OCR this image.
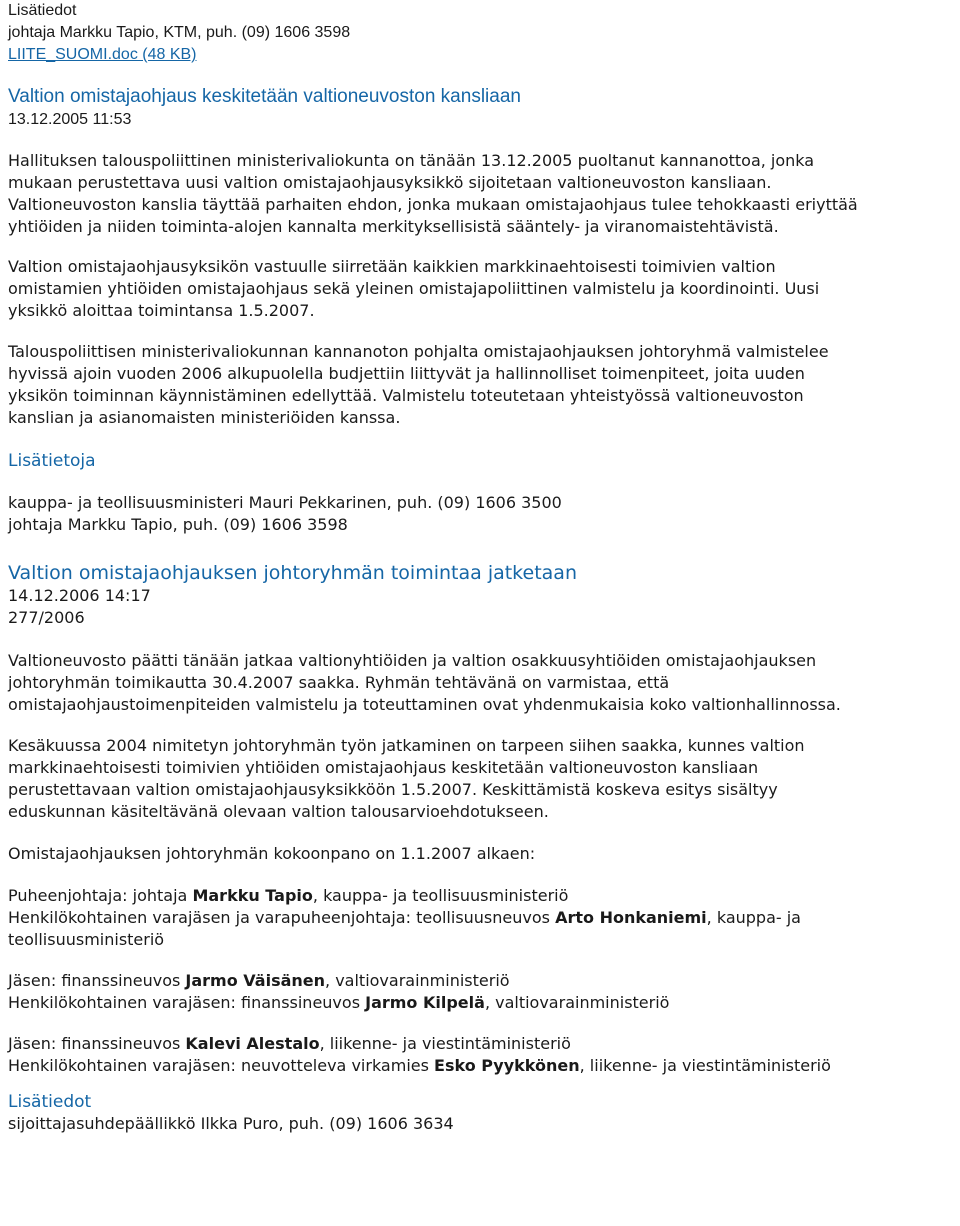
Lisätiedot
johtaja Markku Tapio, KTM, puh. (09) 1606 3598
LIITE_SUOMI.doc (48 KB)
Valtion omistajaohjaus keskitetään valtioneuvoston kansliaan
13.12.2005 11:53
Hallituksen talouspoliittinen ministerivaliokunta on tänään 13.12.2005 puoltanut kannanottoa, jonka
mukaan perustettava uusi valtion omistajaohjausyksikkö sijoitetaan valtioneuvoston kansliaan.
Valtioneuvoston kanslia täyttää parhaiten ehdon, jonka mukaan omistajaohjaus tulee tehokkaasti eriyttää
yhtiöiden ja niiden toiminta-alojen kannalta merkityksellisistä sääntely- ja viranomaistehtävistä.
Valtion omistajaohjausyksikön vastuulle siirretään kaikkien markkinaehtoisesti toimivien valtion
omistamien yhtiöiden omistajaohjaus sekä yleinen omistajapoliittinen valmistelu ja koordinointi. Uusi
yksikkö aloittaa toimintansa 1.5.2007.
Talouspoliittisen ministerivaliokunnan kannanoton pohjalta omistajaohjauksen johtoryhmä valmistelee
hyvissä ajoin vuoden 2006 alkupuolella budjettiin liittyvät ja hallinnolliset toimenpiteet, joita uuden
yksikön toiminnan käynnistäminen edellyttää. Valmistelu toteutetaan yhteistyössä valtioneuvoston
kanslian ja asianomaisten ministeriöiden kanssa.
Lisätietoja
kauppa- ja teollisuusministeri Mauri Pekkarinen, puh. (09) 1606 3500
johtaja Markku Tapio, puh. (09) 1606 3598
Valtion omistajaohjauksen johtoryhmän toimintaa jatketaan
14.12.2006 14:17
277/2006
Valtioneuvosto päätti tänään jatkaa valtionyhtiöiden ja valtion osakkuusyhtiöiden omistajaohjauksen
johtoryhmän toimikautta 30.4.2007 saakka. Ryhmän tehtävänä on varmistaa, että
omistajaohjaustoimenpiteiden valmistelu ja toteuttaminen ovat yhdenmukaisia koko valtionhallinnossa.
Kesäkuussa 2004 nimitetyn johtoryhmän työn jatkaminen on tarpeen siihen saakka, kunnes valtion
markkinaehtoisesti toimivien yhtiöiden omistajaohjaus keskitetään valtioneuvoston kansliaan
perustettavaan valtion omistajaohjausyksikköön 1.5.2007. Keskittämistä koskeva esitys sisältyy
eduskunnan käsiteltävänä olevaan valtion talousarvioehdotukseen.
Omistajaohjauksen johtoryhmän kokoonpano on 1.1.2007 alkaen:
Puheenjohtaja: johtaja Markku Tapio, kauppa- ja teollisuusministeriö
Henkilökohtainen varajäsen ja varapuheenjohtaja: teollisuusneuvos Arto Honkaniemi, kauppa- ja
teollisuusministeriö
Jäsen: finanssineuvos Jarmo Väisänen, valtiovarainministeriö
Henkilökohtainen varajäsen: finanssineuvos Jarmo Kilpelä, valtiovarainministeriö
Jäsen: finanssineuvos Kalevi Alestalo, liikenne- ja viestintäministeriö
Henkilökohtainen varajäsen: neuvotteleva virkamies Esko Pyykkönen, liikenne- ja viestintäministeriö
Lisätiedot
sijoittajasuhdepäällikkö Ilkka Puro, puh. (09) 1606 3634
